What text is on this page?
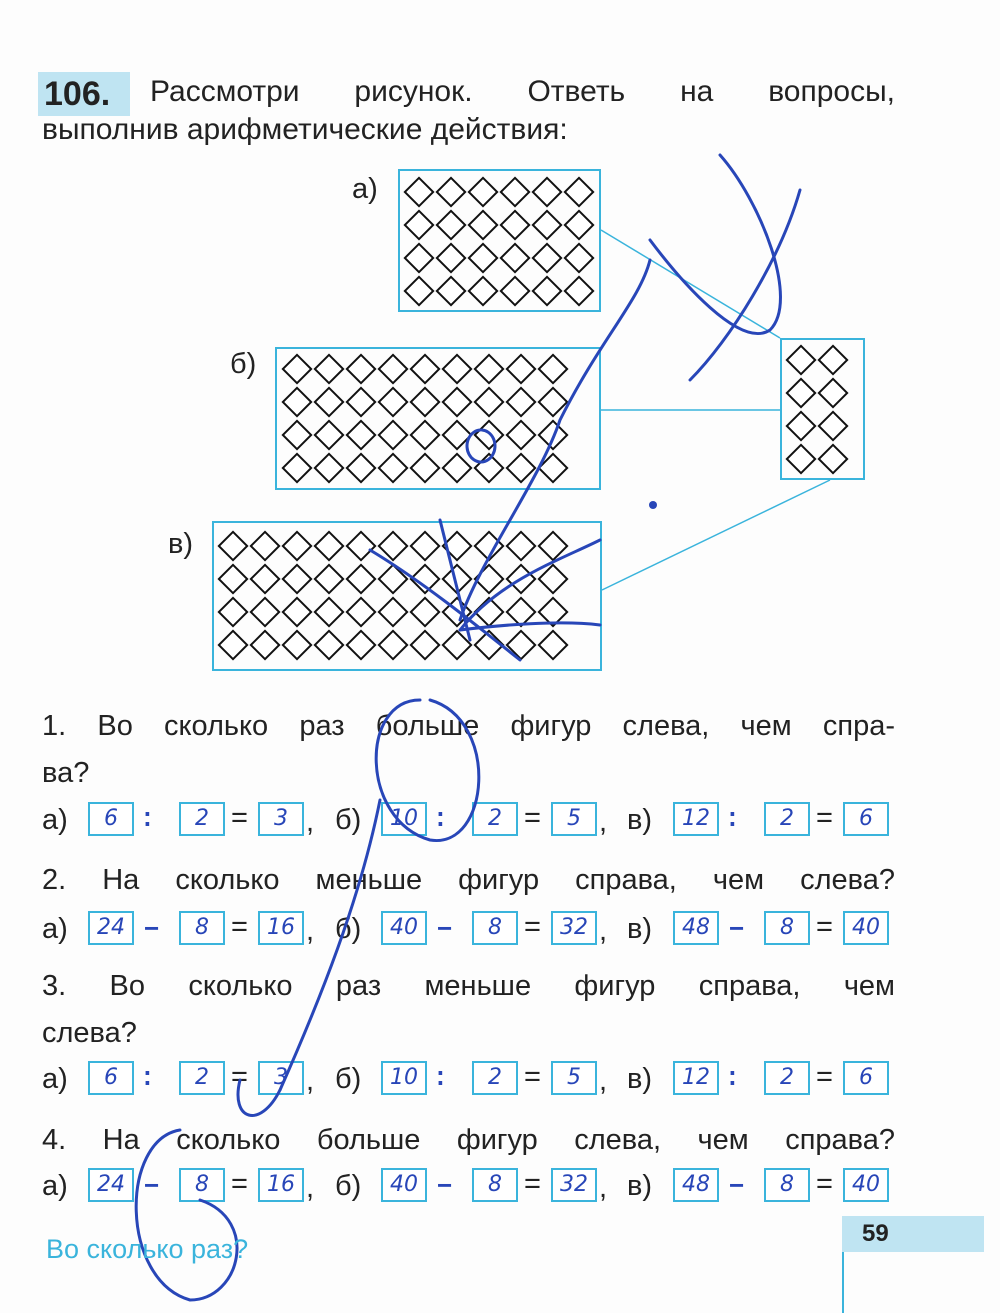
106.	Рассмотри рисунок. Ответь на вопросы,
выполнив арифметические действия:
а)
б)
в)
1. Во сколько раз больше фигур слева, чем спра-
ва?
а)	6	2	3
∶	= , б)	10	2	5
∶	= , в)	12	2	6
∶	=
2. На сколько меньше фигур справа, чем слева?
а)	24	8	16
− = , б)	40	8	32
− = , в)	48	8	40
− =
3. Во сколько раз меньше фигур справа, чем
слева?
а)	6	2	3
∶	= , б)	10	2	5
∶	= , в)	12	2	6
∶	=
4. На сколько больше фигур слева, чем справа?
а)	24	8	16
− = , б)	40	8	32
− = , в)	48	8	40
− =
Во сколько раз?
59
